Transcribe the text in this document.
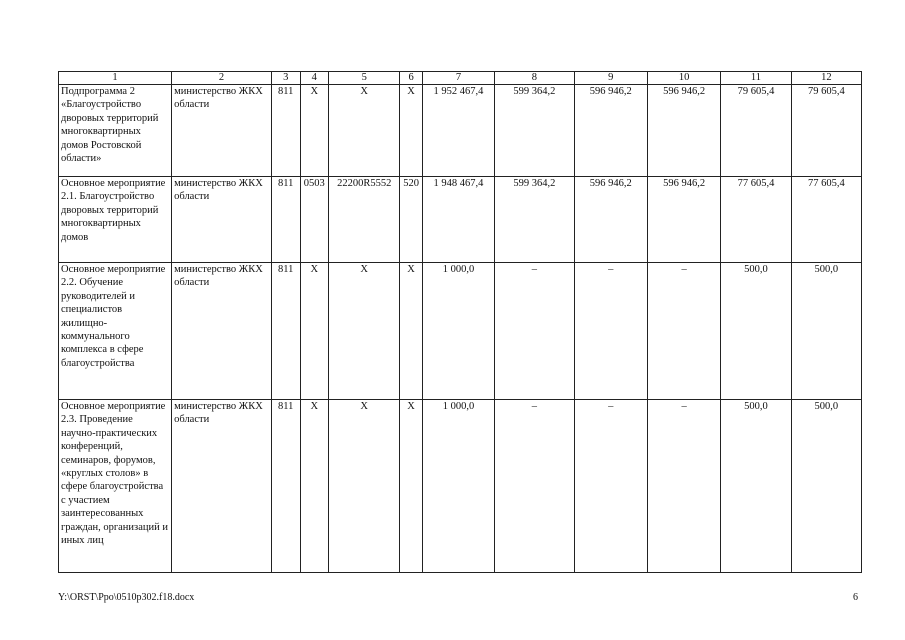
1	2	3	4	5	6	7	8	9	10	11	12
Подпрограмма 2 «Благоустройство дворовых территорий многоквартирных домов Ростовской области»	министерство ЖКХ области	811	Х	Х	Х	1 952 467,4	599 364,2	596 946,2	596 946,2	79 605,4	79 605,4
Основное мероприятие 2.1. Благоустройство дворовых территорий многоквартирных домов	министерство ЖКХ области	811	0503	22200R5552	520	1 948 467,4	599 364,2	596 946,2	596 946,2	77 605,4	77 605,4
Основное мероприятие 2.2. Обучение руководителей и специалистов жилищно-коммунального комплекса в сфере благоустройства	министерство ЖКХ области	811	Х	Х	Х	1 000,0	–	–	–	500,0	500,0
Основное мероприятие 2.3. Проведение научно-практических конференций, семинаров, форумов, «круглых столов» в сфере благоустройства с участием заинтересованных граждан, организаций и иных лиц	министерство ЖКХ области	811	Х	Х	Х	1 000,0	–	–	–	500,0	500,0
Y:\ORST\Ppo\0510p302.f18.docx	6
